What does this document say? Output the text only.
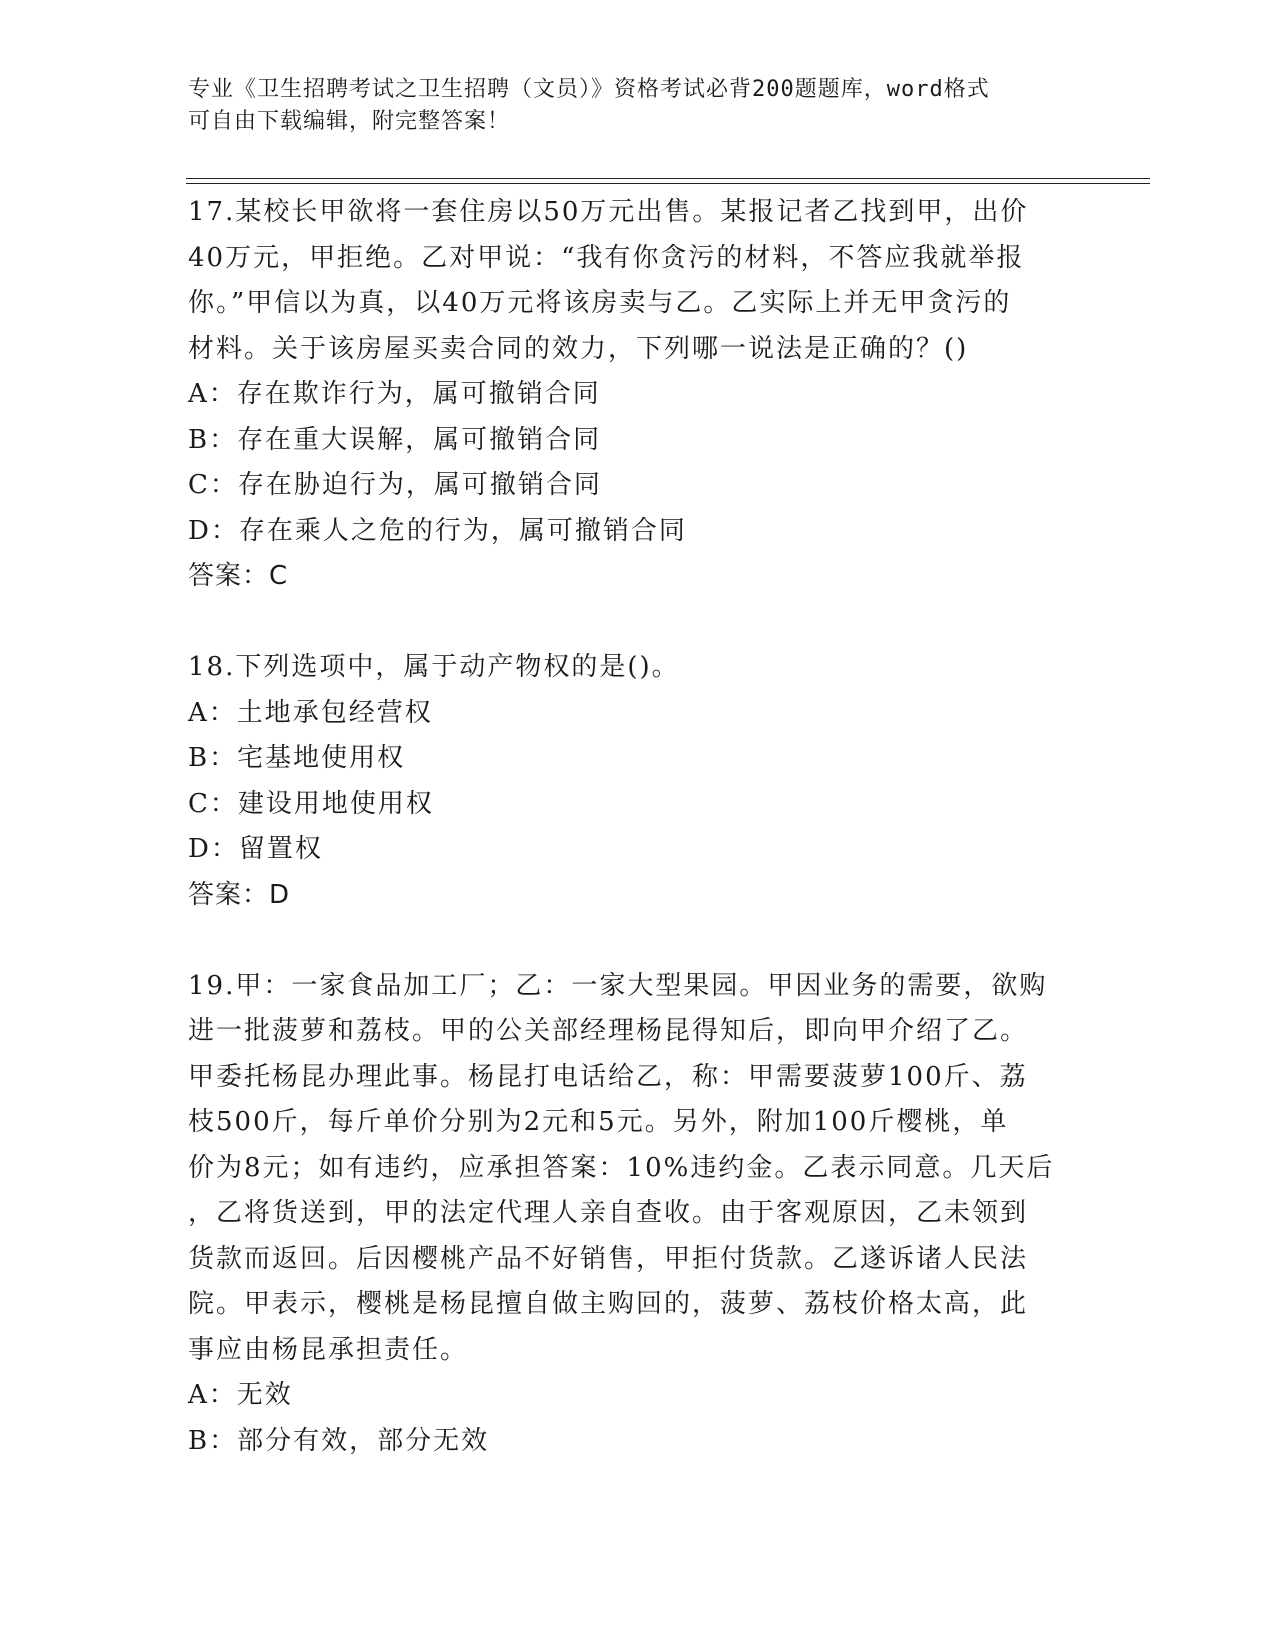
专业《卫生招聘考试之卫生招聘（文员）》资格考试必背200题题库，word格式
可自由下载编辑，附完整答案！
17.某校长甲欲将一套住房以50万元出售。某报记者乙找到甲，出价
40万元，甲拒绝。乙对甲说：“我有你贪污的材料，不答应我就举报
你。”甲信以为真，以40万元将该房卖与乙。乙实际上并无甲贪污的
材料。关于该房屋买卖合同的效力，下列哪一说法是正确的？()
A：存在欺诈行为，属可撤销合同
B：存在重大误解，属可撤销合同
C：存在胁迫行为，属可撤销合同
D：存在乘人之危的行为，属可撤销合同
答案：C
18.下列选项中，属于动产物权的是()。
A：土地承包经营权
B：宅基地使用权
C：建设用地使用权
D：留置权
答案：D
19.甲：一家食品加工厂；乙：一家大型果园。甲因业务的需要，欲购
进一批菠萝和荔枝。甲的公关部经理杨昆得知后，即向甲介绍了乙。
甲委托杨昆办理此事。杨昆打电话给乙，称：甲需要菠萝100斤、荔
枝500斤，每斤单价分别为2元和5元。另外，附加100斤樱桃，单
价为8元；如有违约，应承担答案：10%违约金。乙表示同意。几天后
，乙将货送到，甲的法定代理人亲自查收。由于客观原因，乙未领到
货款而返回。后因樱桃产品不好销售，甲拒付货款。乙遂诉诸人民法
院。甲表示，樱桃是杨昆擅自做主购回的，菠萝、荔枝价格太高，此
事应由杨昆承担责任。
A：无效
B：部分有效，部分无效
